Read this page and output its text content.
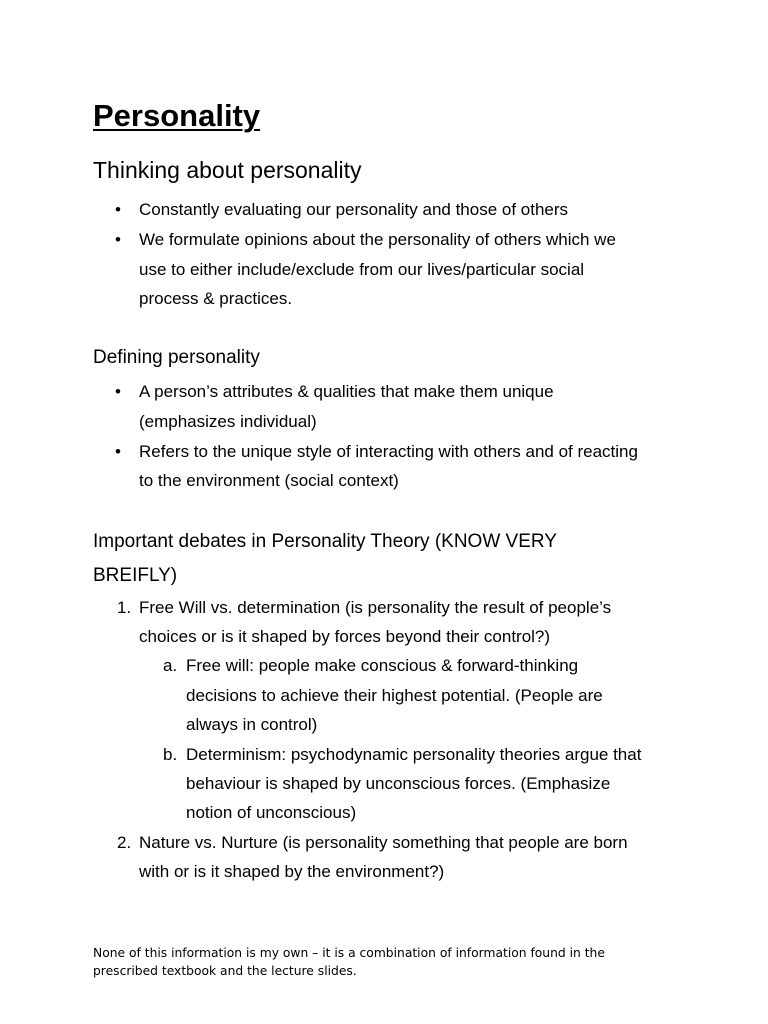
Personality
Thinking about personality
• Constantly evaluating our personality and those of others
• We formulate opinions about the personality of others which we
use to either include/exclude from our lives/particular social
process & practices.
Defining personality
• A person’s attributes & qualities that make them unique
(emphasizes individual)
• Refers to the unique style of interacting with others and of reacting
to the environment (social context)
Important debates in Personality Theory (KNOW VERY
BREIFLY)
1. Free Will vs. determination (is personality the result of people’s
choices or is it shaped by forces beyond their control?)
a. Free will: people make conscious & forward-thinking
decisions to achieve their highest potential. (People are
always in control)
b. Determinism: psychodynamic personality theories argue that
behaviour is shaped by unconscious forces. (Emphasize
notion of unconscious)
2. Nature vs. Nurture (is personality something that people are born
with or is it shaped by the environment?)
None of this information is my own – it is a combination of information found in the
prescribed textbook and the lecture slides.
